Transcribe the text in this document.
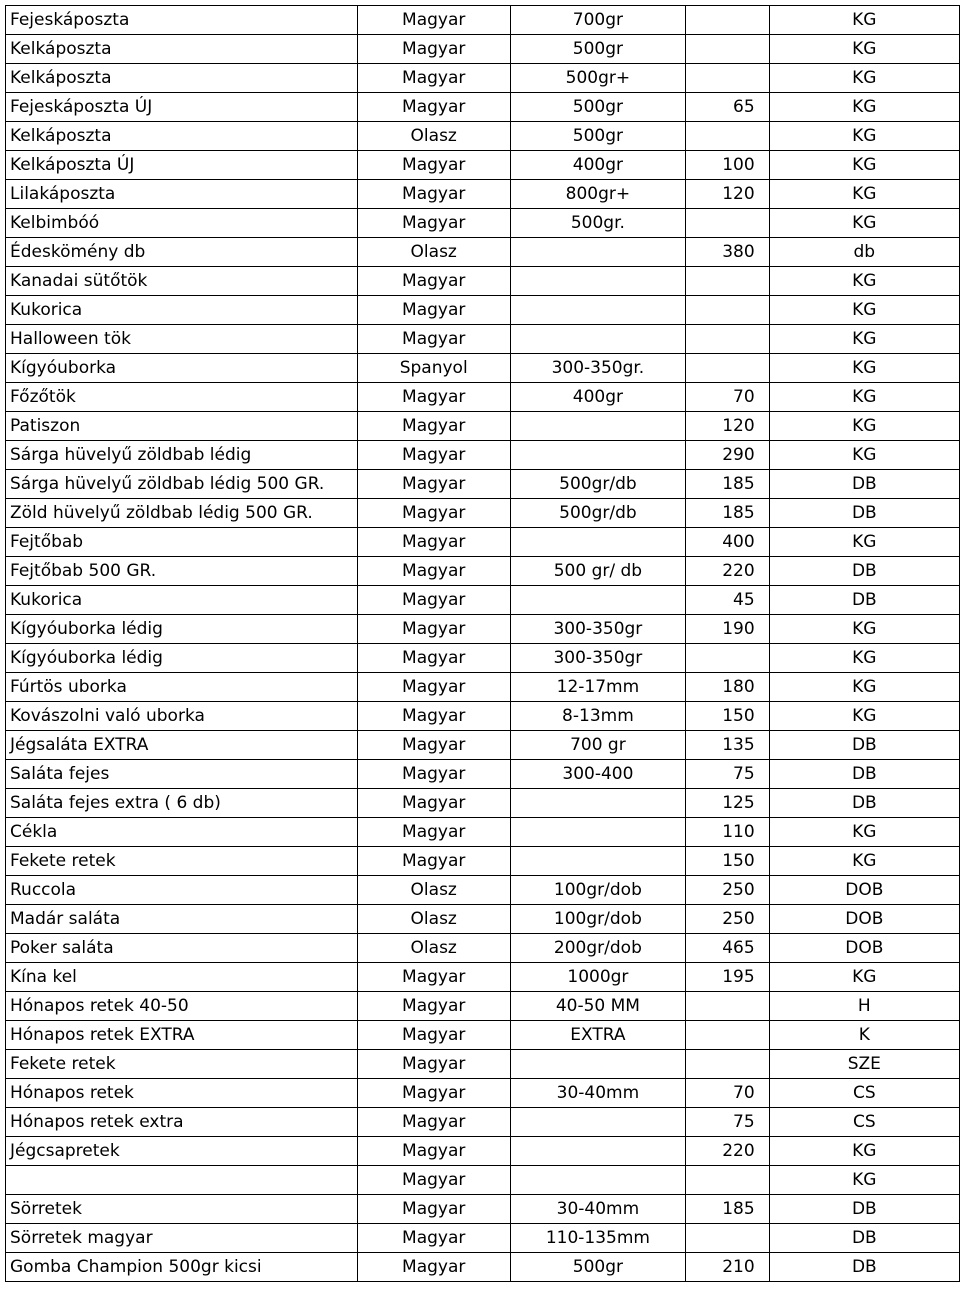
Fejeskáposzta	Magyar	700gr		KG
Kelkáposzta	Magyar	500gr		KG
Kelkáposzta	Magyar	500gr+		KG
Fejeskáposzta ÚJ	Magyar	500gr	65	KG
Kelkáposzta	Olasz	500gr		KG
Kelkáposzta ÚJ	Magyar	400gr	100	KG
Lilakáposzta	Magyar	800gr+	120	KG
Kelbimbóó	Magyar	500gr.		KG
Édeskömény db	Olasz		380	db
Kanadai sütőtök	Magyar			KG
Kukorica	Magyar			KG
Halloween tök	Magyar			KG
Kígyóuborka	Spanyol	300-350gr.		KG
Főzőtök	Magyar	400gr	70	KG
Patiszon	Magyar		120	KG
Sárga hüvelyű zöldbab lédig	Magyar		290	KG
Sárga hüvelyű zöldbab lédig 500 GR.	Magyar	500gr/db	185	DB
Zöld hüvelyű zöldbab lédig 500 GR.	Magyar	500gr/db	185	DB
Fejtőbab	Magyar		400	KG
Fejtőbab 500 GR.	Magyar	500 gr/ db	220	DB
Kukorica	Magyar		45	DB
Kígyóuborka lédig	Magyar	300-350gr	190	KG
Kígyóuborka lédig	Magyar	300-350gr		KG
Fúrtös uborka	Magyar	12-17mm	180	KG
Kovászolni való uborka	Magyar	8-13mm	150	KG
Jégsaláta EXTRA	Magyar	700 gr	135	DB
Saláta fejes	Magyar	300-400	75	DB
Saláta fejes extra ( 6 db)	Magyar		125	DB
Cékla	Magyar		110	KG
Fekete retek	Magyar		150	KG
Ruccola	Olasz	100gr/dob	250	DOB
Madár saláta	Olasz	100gr/dob	250	DOB
Poker saláta	Olasz	200gr/dob	465	DOB
Kína kel	Magyar	1000gr	195	KG
Hónapos retek 40-50	Magyar	40-50 MM		H
Hónapos retek EXTRA	Magyar	EXTRA		K
Fekete retek	Magyar			SZE
Hónapos retek	Magyar	30-40mm	70	CS
Hónapos retek extra	Magyar		75	CS
Jégcsapretek	Magyar		220	KG
	Magyar			KG
Sörretek	Magyar	30-40mm	185	DB
Sörretek magyar	Magyar	110-135mm		DB
Gomba Champion 500gr kicsi	Magyar	500gr	210	DB
